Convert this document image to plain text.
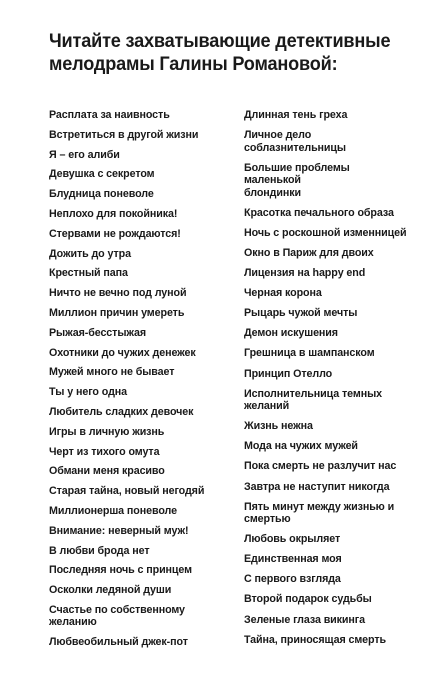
Читайте захватывающие детективные
мелодрамы Галины Романовой:
Расплата за наивность
Встретиться в другой жизни
Я – его алиби
Девушка с секретом
Блудница поневоле
Неплохо для покойника!
Стервами не рождаются!
Дожить до утра
Крестный папа
Ничто не вечно под луной
Миллион причин умереть
Рыжая-бесстыжая
Охотники до чужих денежек
Мужей много не бывает
Ты у него одна
Любитель сладких девочек
Игры в личную жизнь
Черт из тихого омута
Обмани меня красиво
Старая тайна, новый негодяй
Миллионерша поневоле
Внимание: неверный муж!
В любви брода нет
Последняя ночь с принцем
Осколки ледяной души
Счастье по собственному
желанию
Любвеобильный джек-пот
Длинная тень греха
Личное дело соблазнительницы
Большие проблемы маленькой
блондинки
Красотка печального образа
Ночь с роскошной изменницей
Окно в Париж для двоих
Лицензия на happy end
Черная корона
Рыцарь чужой мечты
Демон искушения
Грешница в шампанском
Принцип Отелло
Исполнительница темных
желаний
Жизнь нежна
Мода на чужих мужей
Пока смерть не разлучит нас
Завтра не наступит никогда
Пять минут между жизнью и
смертью
Любовь окрыляет
Единственная моя
С первого взгляда
Второй подарок судьбы
Зеленые глаза викинга
Тайна, приносящая смерть
